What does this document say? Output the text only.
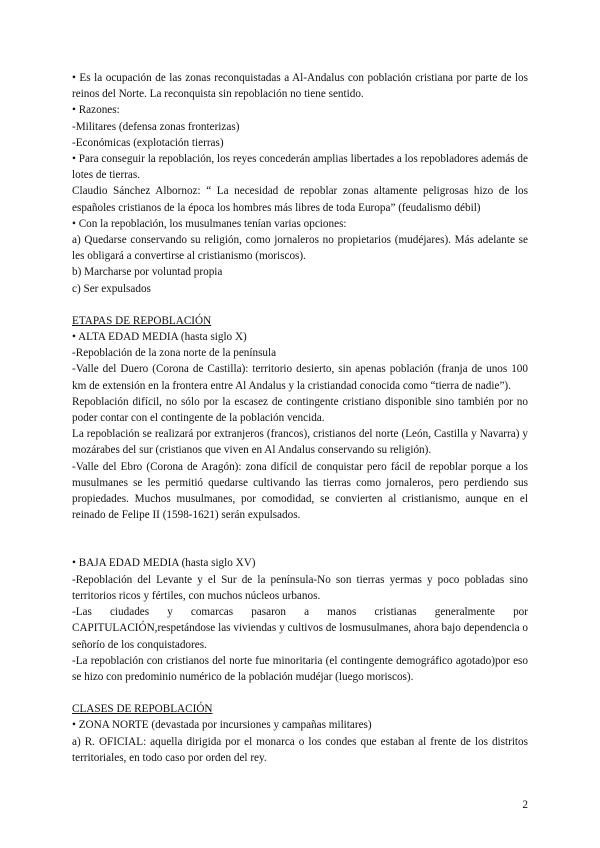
• Es la ocupación de las zonas reconquistadas a Al-Andalus con población cristiana por parte de los reinos del Norte. La reconquista sin repoblación no tiene sentido.

• Razones:

-Militares (defensa zonas fronterizas)

-Económicas (explotación tierras)

• Para conseguir la repoblación, los reyes concederán amplias libertades a los repobladores además de lotes de tierras.

Claudio Sánchez Albornoz: “ La necesidad de repoblar zonas altamente peligrosas hizo de los españoles cristianos de la época los hombres más libres de toda Europa” (feudalismo débil)

• Con la repoblación, los musulmanes tenían varias opciones:

a) Quedarse conservando su religión, como jornaleros no propietarios (mudéjares). Más adelante se les obligará a convertirse al cristianismo (moriscos).

b) Marcharse por voluntad propia

c) Ser expulsados

ETAPAS DE REPOBLACIÓN

• ALTA EDAD MEDIA (hasta siglo X)

-Repoblación de la zona norte de la península

-Valle del Duero (Corona de Castilla): territorio desierto, sin apenas población (franja de unos 100 km de extensión en la frontera entre Al Andalus y la cristiandad conocida como “tierra de nadie”).

Repoblación difícil, no sólo por la escasez de contingente cristiano disponible sino también por no poder contar con el contingente de la población vencida.

La repoblación se realizará por extranjeros (francos), cristianos del norte (León, Castilla y Navarra) y mozárabes del sur (cristianos que viven en Al Andalus conservando su religión).

-Valle del Ebro (Corona de Aragón): zona difícil de conquistar pero fácil de repoblar porque a los musulmanes se les permitió quedarse cultivando las tierras como jornaleros, pero perdiendo sus propiedades. Muchos musulmanes, por comodidad, se convierten al cristianismo, aunque en el reinado de Felipe II (1598-1621) serán expulsados.

• BAJA EDAD MEDIA (hasta siglo XV)

-Repoblación del Levante y el Sur de la península-No son tierras yermas y poco pobladas sino territorios ricos y fértiles, con muchos núcleos urbanos.

-Las ciudades y comarcas pasaron a manos cristianas generalmente por CAPITULACIÓN,respetándose las viviendas y cultivos de losmusulmanes, ahora bajo dependencia o señorío de los conquistadores.

-La repoblación con cristianos del norte fue minoritaria (el contingente demográfico agotado)por eso se hizo con predominio numérico de la población mudéjar (luego moriscos).

CLASES DE REPOBLACIÓN

• ZONA NORTE (devastada por incursiones y campañas militares)

a) R. OFICIAL: aquella dirigida por el monarca o los condes que estaban al frente de los distritos territoriales, en todo caso por orden del rey.

2
